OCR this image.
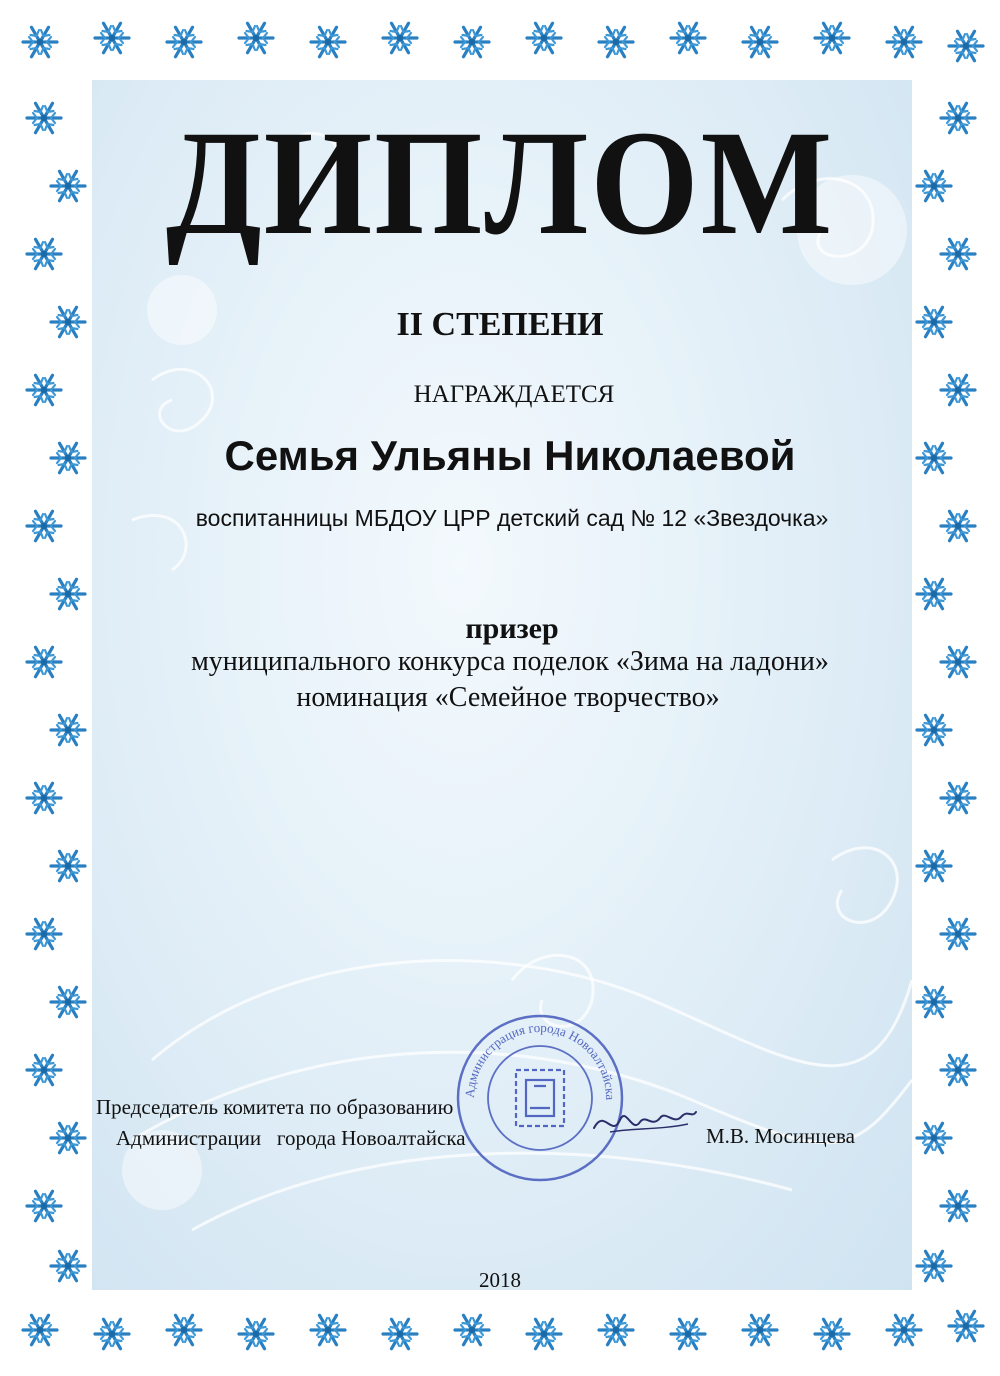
ДИПЛОМ
II СТЕПЕНИ
НАГРАЖДАЕТСЯ
Семья Ульяны Николаевой
воспитанницы МБДОУ ЦРР детский сад № 12 «Звездочка»
призер
муниципального конкурса поделок «Зима на ладони»
номинация «Семейное творчество»
Председатель комитета по образованию
Администрации   города Новоалтайска
Администрация города Новоалтайска
М.В. Мосинцева
2018
